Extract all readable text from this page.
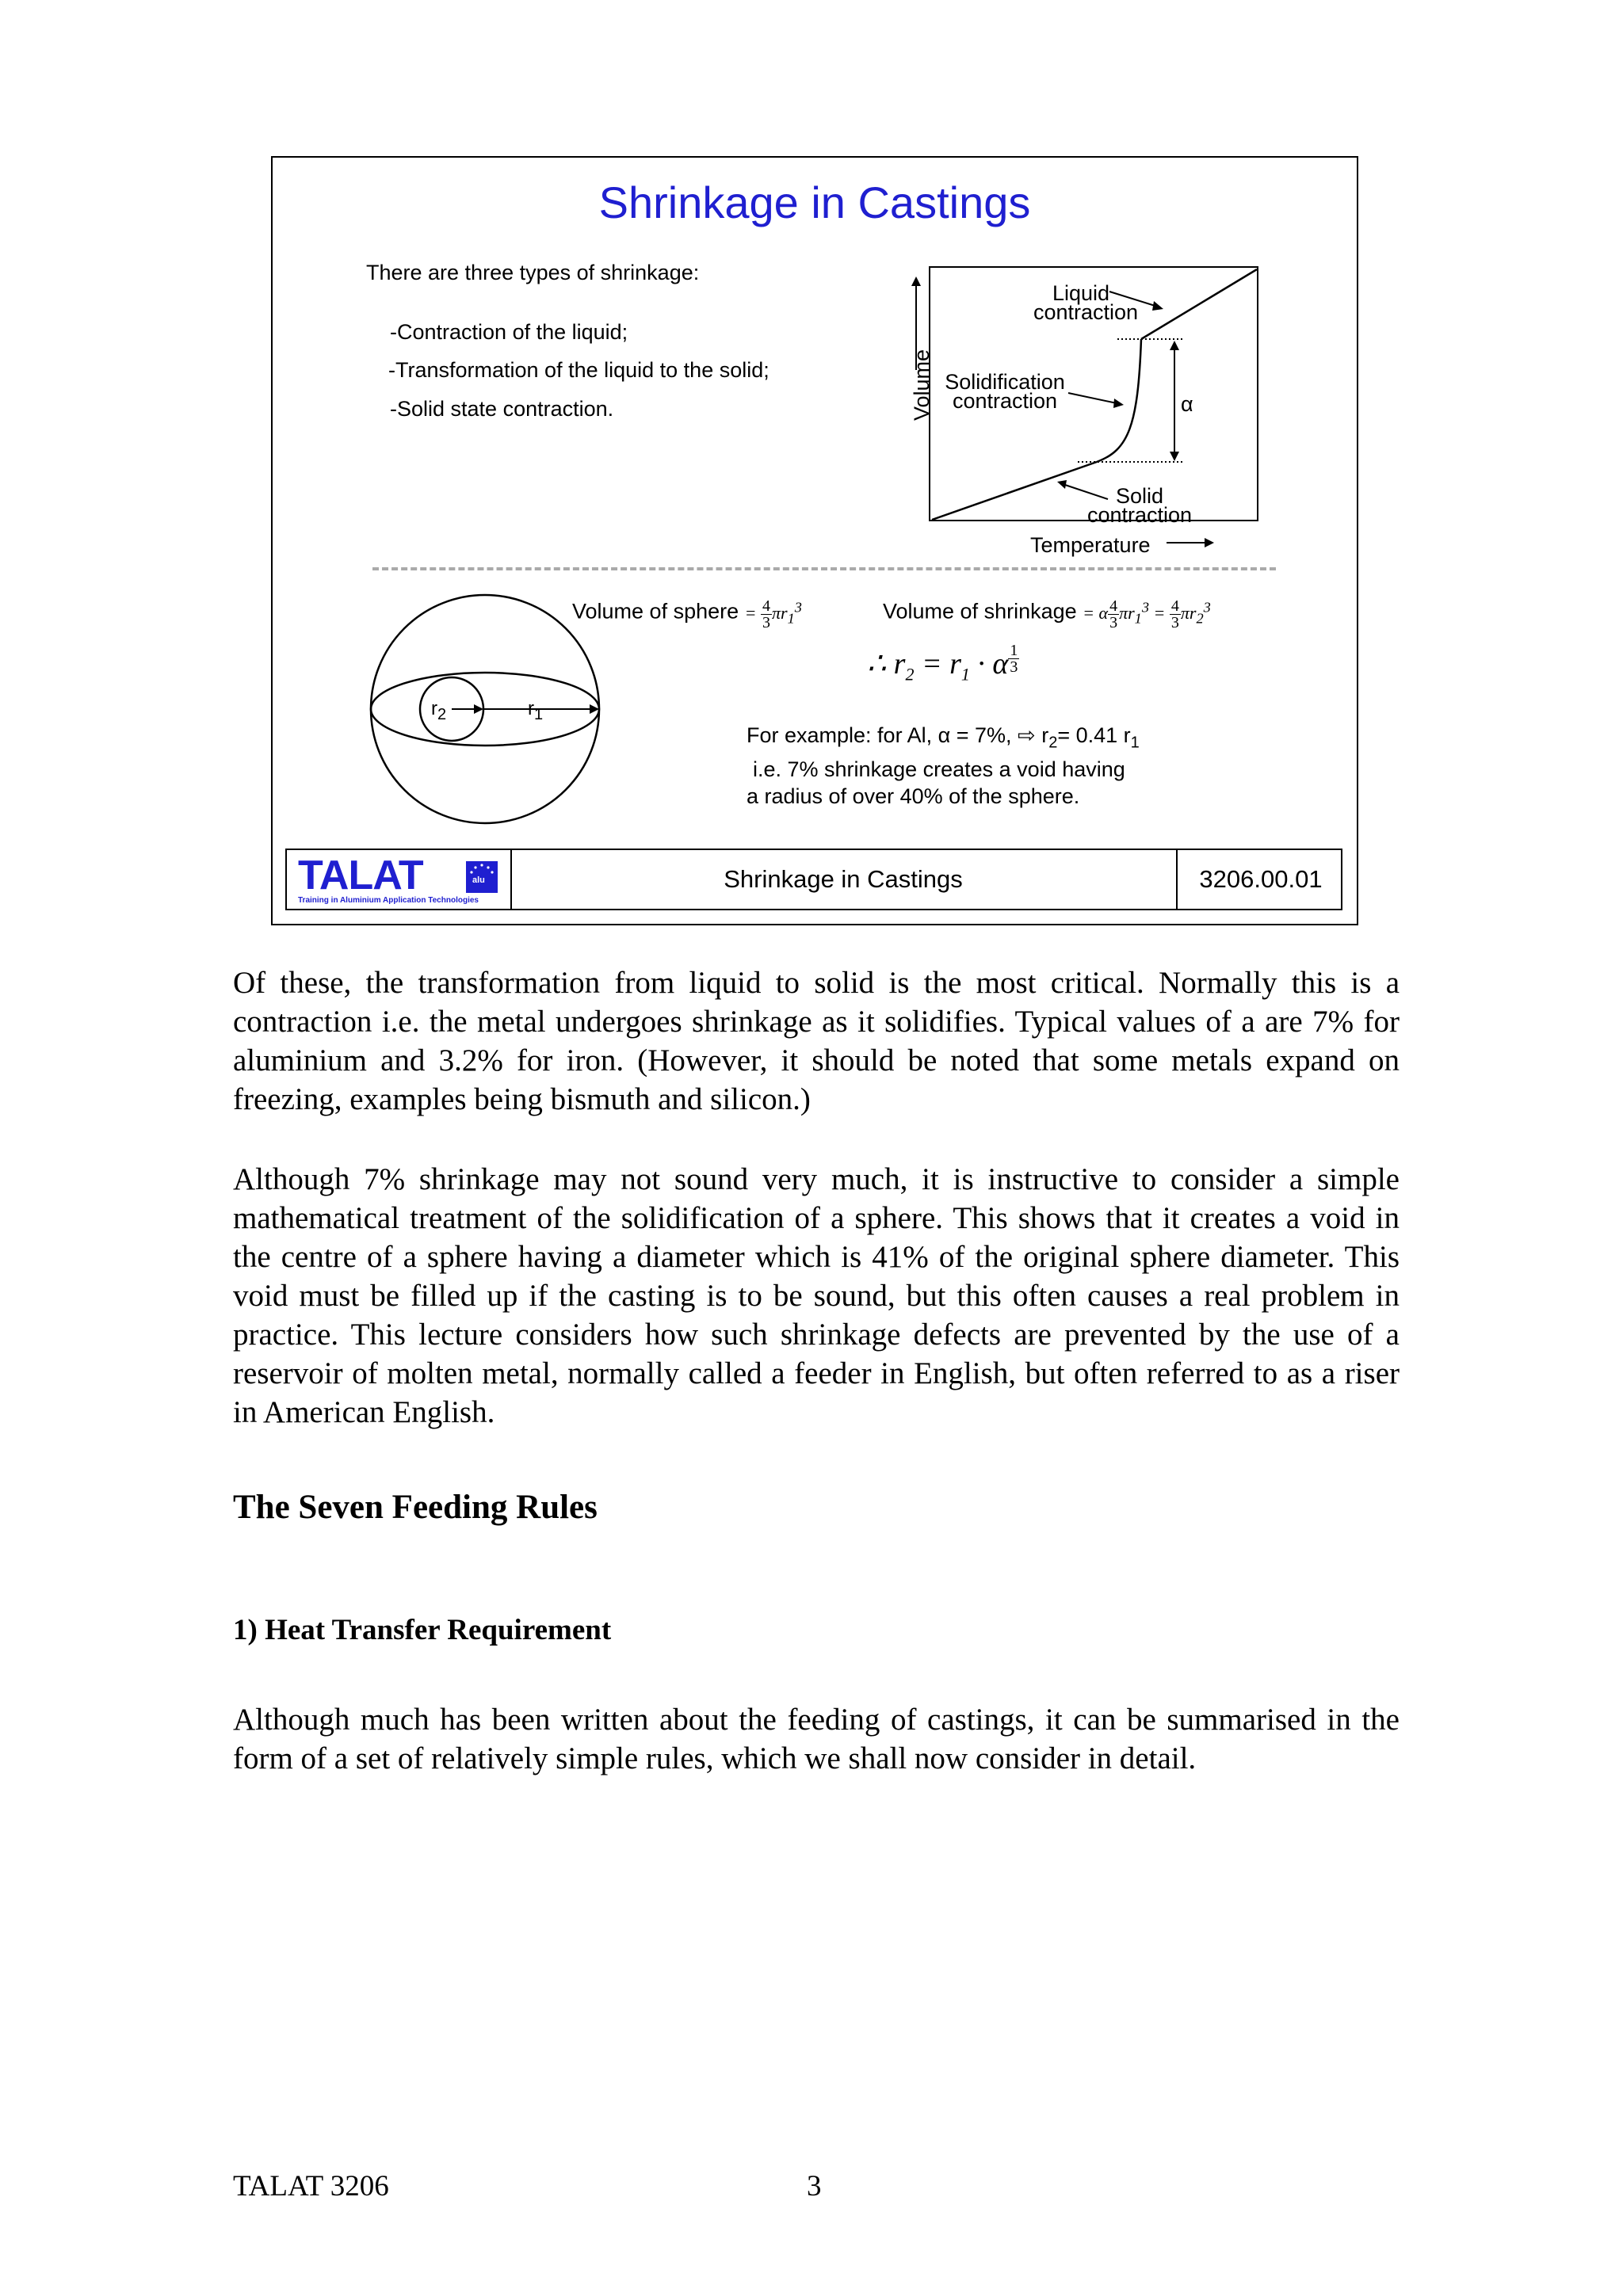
Shrinkage in Castings
There are three types of shrinkage:
-Contraction of the liquid;
-Transformation of the liquid to the solid;
-Solid state contraction.	Volume
Liquid
contraction
Solidification
contraction
Solid
contraction
α
Temperature
$r_2$	$r_1$
Volume of sphere = $\frac{4}{3} \pi r_1^3$	Volume of shrinkage = α $\frac{4}{3} \pi r_1^3 = \frac{4}{3} \pi r_2^3$
∴ $r_2 = r_1 \cdot \alpha$ $^{\frac{1}{3}}$
For example: for Al, α = 7%, ⇨ $r_2= 0.41$ $r_1$
i.e. 7% shrinkage creates a void having
a radius of over 40% of the sphere.
TALAT	alu
Training in Aluminium Application Technologies
Shrinkage in Castings	3206.00.01
Of these, the transformation from liquid to solid is the most critical. Normally this is a contraction i.e. the metal undergoes shrinkage as it solidifies. Typical values of a are 7% for aluminium and 3.2% for iron. (However, it should be noted that some metals expand on freezing, examples being bismuth and silicon.)
Although 7% shrinkage may not sound very much, it is instructive to consider a simple mathematical treatment of the solidification of a sphere. This shows that it creates a void in the centre of a sphere having a diameter which is 41% of the original sphere diameter. This void must be filled up if the casting is to be sound, but this often causes a real problem in practice. This lecture considers how such shrinkage defects are prevented by the use of a reservoir of molten metal, normally called a feeder in English, but often referred to as a riser in American English.
The Seven Feeding Rules
1) Heat Transfer Requirement
Although much has been written about the feeding of castings, it can be summarised in the form of a set of relatively simple rules, which we shall now consider in detail.
TALAT 3206	3
